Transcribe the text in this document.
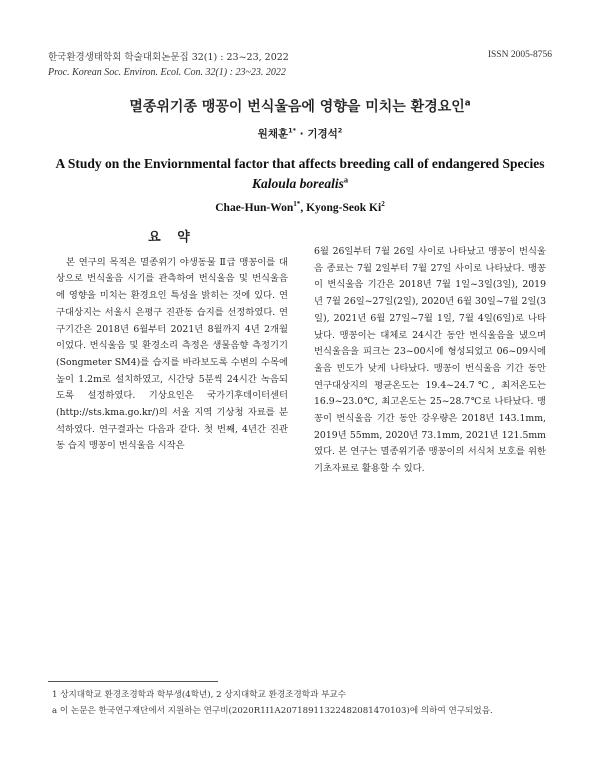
한국환경생태학회 학술대회논문집 32(1) : 23~23, 2022
Proc. Korean Soc. Environ. Ecol. Con. 32(1) : 23~23. 2022
ISSN 2005-8756
멸종위기종 맹꽁이 번식울음에 영향을 미치는 환경요인$^a$
원채훈$^{1*}$ · 기경석$^2$
A Study on the Enviornmental factor that affects breeding call of endangered Species
Kaloula borealis$^a$
Chae-Hun-Won$^{1*}$, Kyong-Seok Ki$^2$
요 약

본 연구의 목적은 멸종위기 야생동물 Ⅱ급 맹꽁이를 대상으로 번식울음 시기를 관측하여 번식울음 및 번식울음에 영향을 미치는 환경요인 특성을 밝히는 것에 있다. 연구대상지는 서울시 은평구 진관동 습지를 선정하였다. 연구기간은 2018년 6월부터 2021년 8월까지 4년 2개월이었다. 번식울음 및 환경소리 측정은 생물음향 측정기기(Songmeter SM4)를 습지를 바라보도록 수변의 수목에 높이 1.2m로 설치하였고, 시간당 5분씩 24시간 녹음되도록 설정하였다. 기상요인은 국가기후데이터센터(http://sts.kma.go.kr/)의 서울 지역 기상청 자료를 분석하였다. 연구결과는 다음과 같다. 첫 번째, 4년간 진관동 습지 맹꽁이 번식울음 시작은

6월 26일부터 7월 26일 사이로 나타났고 맹꽁이 번식울음 종료는 7월 2일부터 7월 27일 사이로 나타났다. 맹꽁이 번식울음 기간은 2018년 7월 1일~3일(3일), 2019년 7월 26일~27일(2일), 2020년 6월 30일~7월 2일(3일), 2021년 6월 27일~7월 1일, 7월 4일(6일)로 나타났다. 맹꽁이는 대체로 24시간 동안 번식울음을 냈으며 번식울음을 피크는 23~00시에 형성되었고 06~09시에 울음 빈도가 낮게 나타났다. 맹꽁이 번식울음 기간 동안 연구대상지의 평균온도는 19.4~24.7℃, 최저온도는 16.9~23.0℃, 최고온도는 25~28.7℃로 나타났다. 맹꽁이 번식울음 기간 동안 강우량은 2018년 143.1mm, 2019년 55mm, 2020년 73.1mm, 2021년 121.5mm였다. 본 연구는 멸종위기종 맹꽁이의 서식처 보호를 위한 기초자료로 활용할 수 있다.

1 상지대학교 환경조경학과 학부생(4학년), 2 상지대학교 환경조경학과 부교수
a 이 논문은 한국연구재단에서 지원하는 연구비(2020R1I1A2071891132248​2081470103)에 의하여 연구되었음.
